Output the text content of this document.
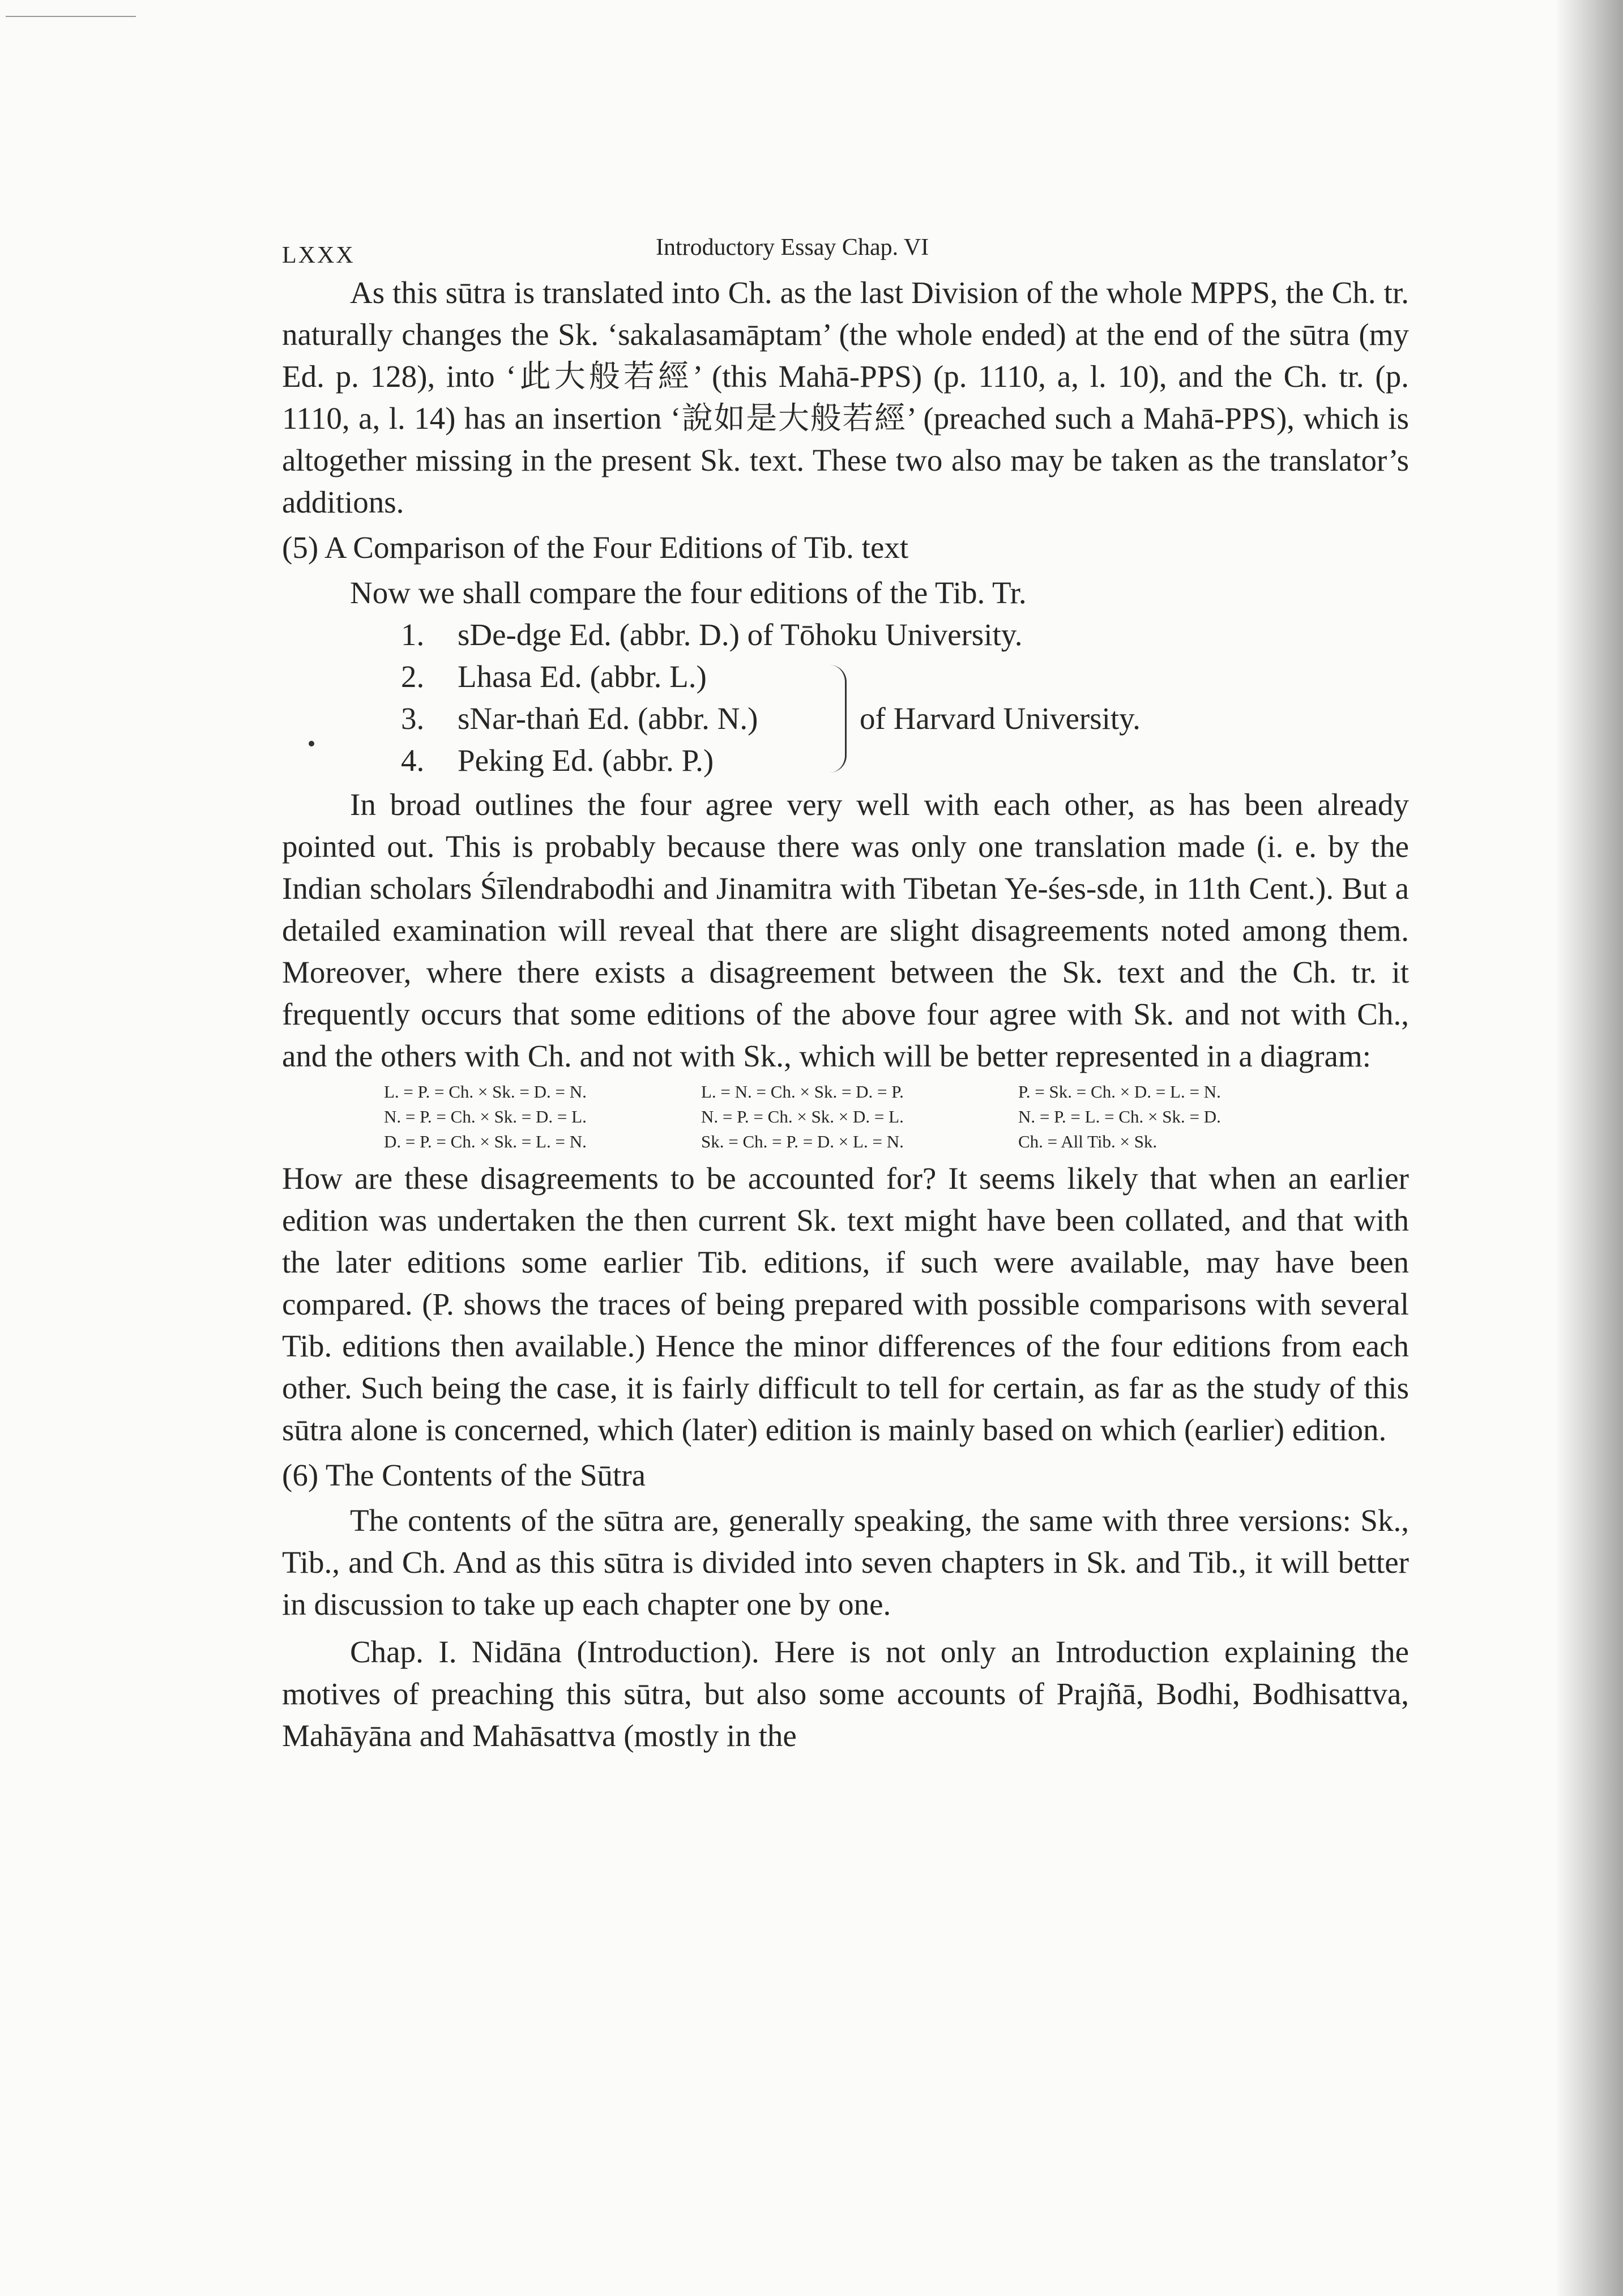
LXXX	Introductory Essay Chap. VI

As this sūtra is translated into Ch. as the last Division of the whole MPPS, the Ch. tr. naturally changes the Sk. ‘sakalasamāptam’ (the whole ended) at the end of the sūtra (my Ed. p. 128), into ‘此大般若經’ (this Mahā-PPS) (p. 1110, a, l. 10), and the Ch. tr. (p. 1110, a, l. 14) has an insertion ‘說如是大般若經’ (preached such a Mahā-PPS), which is altogether missing in the present Sk. text. These two also may be taken as the translator’s additions.

(5) A Comparison of the Four Editions of Tib. text

Now we shall compare the four editions of the Tib. Tr.

1. sDe-dge Ed. (abbr. D.) of Tōhoku University.
2. Lhasa Ed. (abbr. L.)
3. sNar-thaṅ Ed. (abbr. N.)
4. Peking Ed. (abbr. P.)
of Harvard University.

In broad outlines the four agree very well with each other, as has been already pointed out. This is probably because there was only one translation made (i. e. by the Indian scholars Śīlendrabodhi and Jinamitra with Tibetan Ye-śes-sde, in 11th Cent.). But a detailed examination will reveal that there are slight disagreements noted among them. Moreover, where there exists a disagreement between the Sk. text and the Ch. tr. it frequently occurs that some editions of the above four agree with Sk. and not with Ch., and the others with Ch. and not with Sk., which will be better represented in a diagram:

L. = P. = Ch. × Sk. = D. = N.	L. = N. = Ch. × Sk. = D. = P.	P. = Sk. = Ch. × D. = L. = N.
N. = P. = Ch. × Sk. = D. = L.	N. = P. = Ch. × Sk. × D. = L.	N. = P. = L. = Ch. × Sk. = D.
D. = P. = Ch. × Sk. = L. = N.	Sk. = Ch. = P. = D. × L. = N.	Ch. = All Tib. × Sk.

How are these disagreements to be accounted for? It seems likely that when an earlier edition was undertaken the then current Sk. text might have been collated, and that with the later editions some earlier Tib. editions, if such were available, may have been compared. (P. shows the traces of being prepared with possible comparisons with several Tib. editions then available.) Hence the minor differences of the four editions from each other. Such being the case, it is fairly difficult to tell for certain, as far as the study of this sūtra alone is concerned, which (later) edition is mainly based on which (earlier) edition.

(6) The Contents of the Sūtra

The contents of the sūtra are, generally speaking, the same with three versions: Sk., Tib., and Ch. And as this sūtra is divided into seven chapters in Sk. and Tib., it will better in discussion to take up each chapter one by one.

Chap. I. Nidāna (Introduction). Here is not only an Introduction explaining the motives of preaching this sūtra, but also some accounts of Prajñā, Bodhi, Bodhisattva, Mahāyāna and Mahāsattva (mostly in the
